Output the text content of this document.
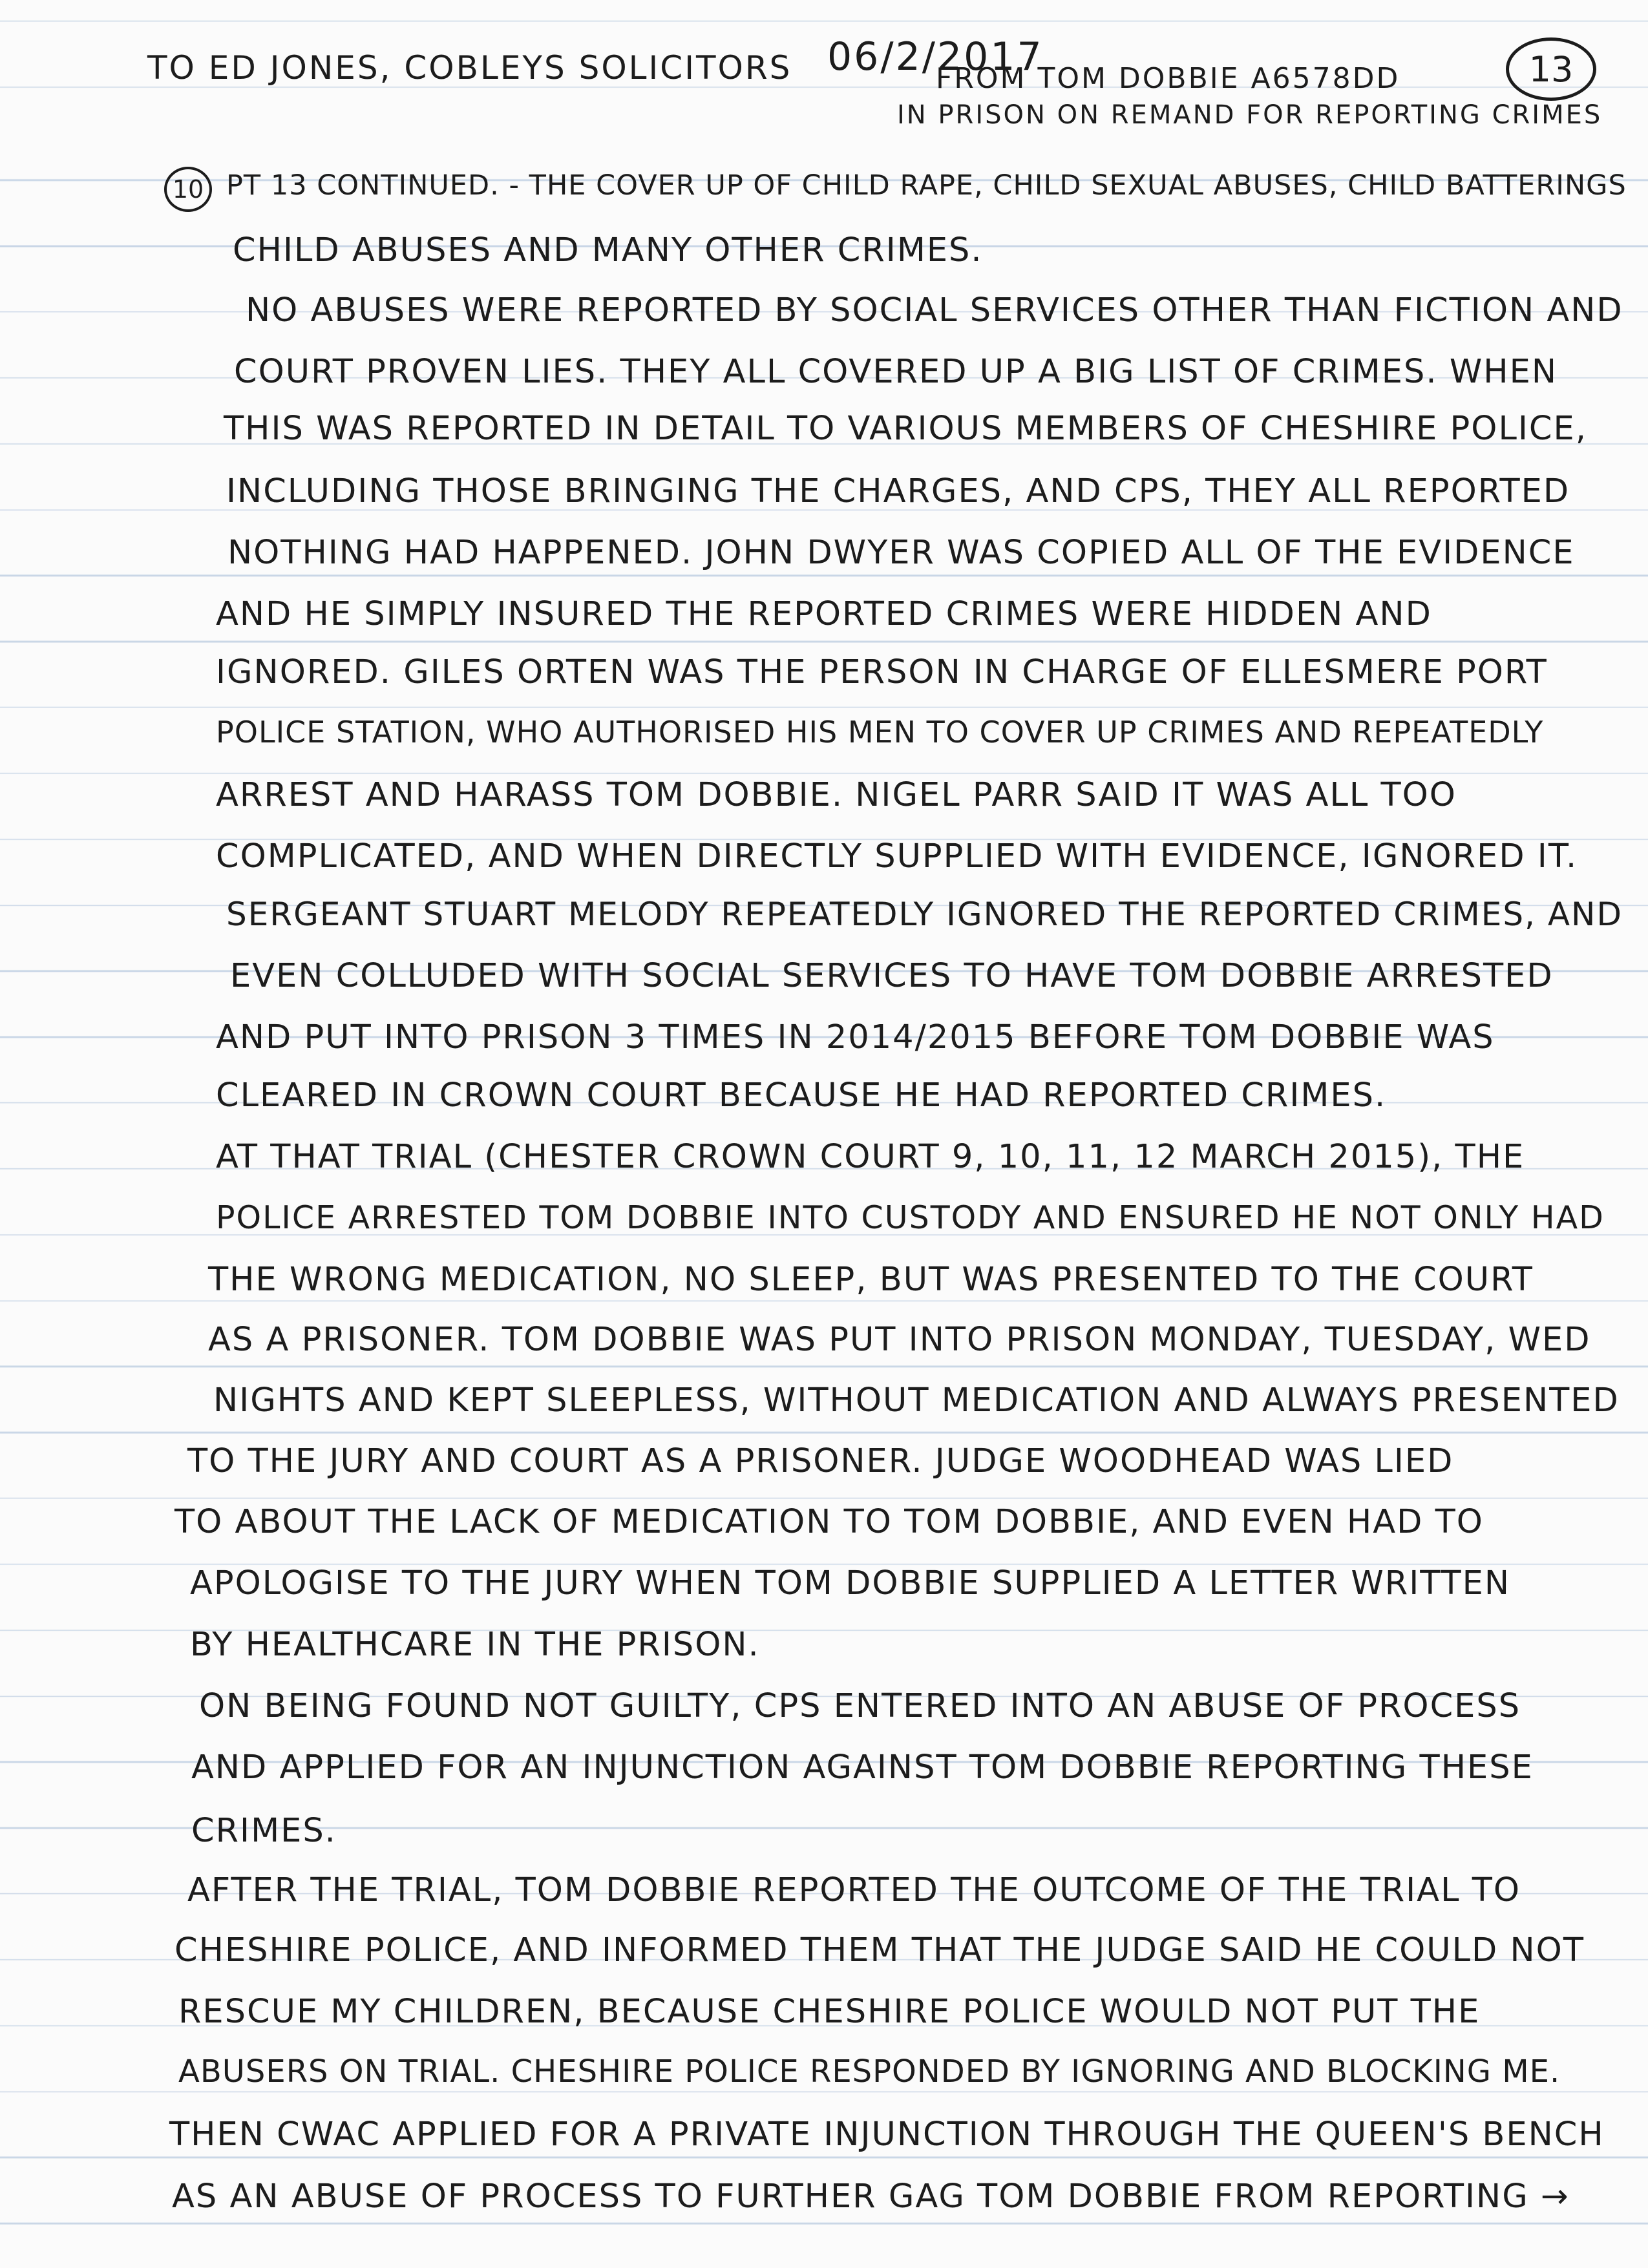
TO ED JONES, COBLEYS SOLICITORS 06/2/2017

FROM TOM DOBBIE A6578DD

IN PRISON ON REMAND FOR REPORTING CRIMES

13
10 PT 13 CONTINUED. - THE COVER UP OF CHILD RAPE, CHILD SEXUAL ABUSES, CHILD BATTERINGS

CHILD ABUSES AND MANY OTHER CRIMES.

NO ABUSES WERE REPORTED BY SOCIAL SERVICES OTHER THAN FICTION AND

COURT PROVEN LIES. THEY ALL COVERED UP A BIG LIST OF CRIMES. WHEN

THIS WAS REPORTED IN DETAIL TO VARIOUS MEMBERS OF CHESHIRE POLICE,

INCLUDING THOSE BRINGING THE CHARGES, AND CPS, THEY ALL REPORTED

NOTHING HAD HAPPENED. JOHN DWYER WAS COPIED ALL OF THE EVIDENCE

AND HE SIMPLY INSURED THE REPORTED CRIMES WERE HIDDEN AND

IGNORED. GILES ORTEN WAS THE PERSON IN CHARGE OF ELLESMERE PORT

POLICE STATION, WHO AUTHORISED HIS MEN TO COVER UP CRIMES AND REPEATEDLY

ARREST AND HARASS TOM DOBBIE. NIGEL PARR SAID IT WAS ALL TOO

COMPLICATED, AND WHEN DIRECTLY SUPPLIED WITH EVIDENCE, IGNORED IT.

SERGEANT STUART MELODY REPEATEDLY IGNORED THE REPORTED CRIMES, AND

EVEN COLLUDED WITH SOCIAL SERVICES TO HAVE TOM DOBBIE ARRESTED

AND PUT INTO PRISON 3 TIMES IN 2014/2015 BEFORE TOM DOBBIE WAS

CLEARED IN CROWN COURT BECAUSE HE HAD REPORTED CRIMES.

AT THAT TRIAL (CHESTER CROWN COURT 9, 10, 11, 12 MARCH 2015), THE

POLICE ARRESTED TOM DOBBIE INTO CUSTODY AND ENSURED HE NOT ONLY HAD

THE WRONG MEDICATION, NO SLEEP, BUT WAS PRESENTED TO THE COURT

AS A PRISONER. TOM DOBBIE WAS PUT INTO PRISON MONDAY, TUESDAY, WED

NIGHTS AND KEPT SLEEPLESS, WITHOUT MEDICATION AND ALWAYS PRESENTED

TO THE JURY AND COURT AS A PRISONER. JUDGE WOODHEAD WAS LIED

TO ABOUT THE LACK OF MEDICATION TO TOM DOBBIE, AND EVEN HAD TO

APOLOGISE TO THE JURY WHEN TOM DOBBIE SUPPLIED A LETTER WRITTEN

BY HEALTHCARE IN THE PRISON.

ON BEING FOUND NOT GUILTY, CPS ENTERED INTO AN ABUSE OF PROCESS

AND APPLIED FOR AN INJUNCTION AGAINST TOM DOBBIE REPORTING THESE

CRIMES.

AFTER THE TRIAL, TOM DOBBIE REPORTED THE OUTCOME OF THE TRIAL TO

CHESHIRE POLICE, AND INFORMED THEM THAT THE JUDGE SAID HE COULD NOT

RESCUE MY CHILDREN, BECAUSE CHESHIRE POLICE WOULD NOT PUT THE

ABUSERS ON TRIAL. CHESHIRE POLICE RESPONDED BY IGNORING AND BLOCKING ME.

THEN CWAC APPLIED FOR A PRIVATE INJUNCTION THROUGH THE QUEEN'S BENCH

AS AN ABUSE OF PROCESS TO FURTHER GAG TOM DOBBIE FROM REPORTING →
